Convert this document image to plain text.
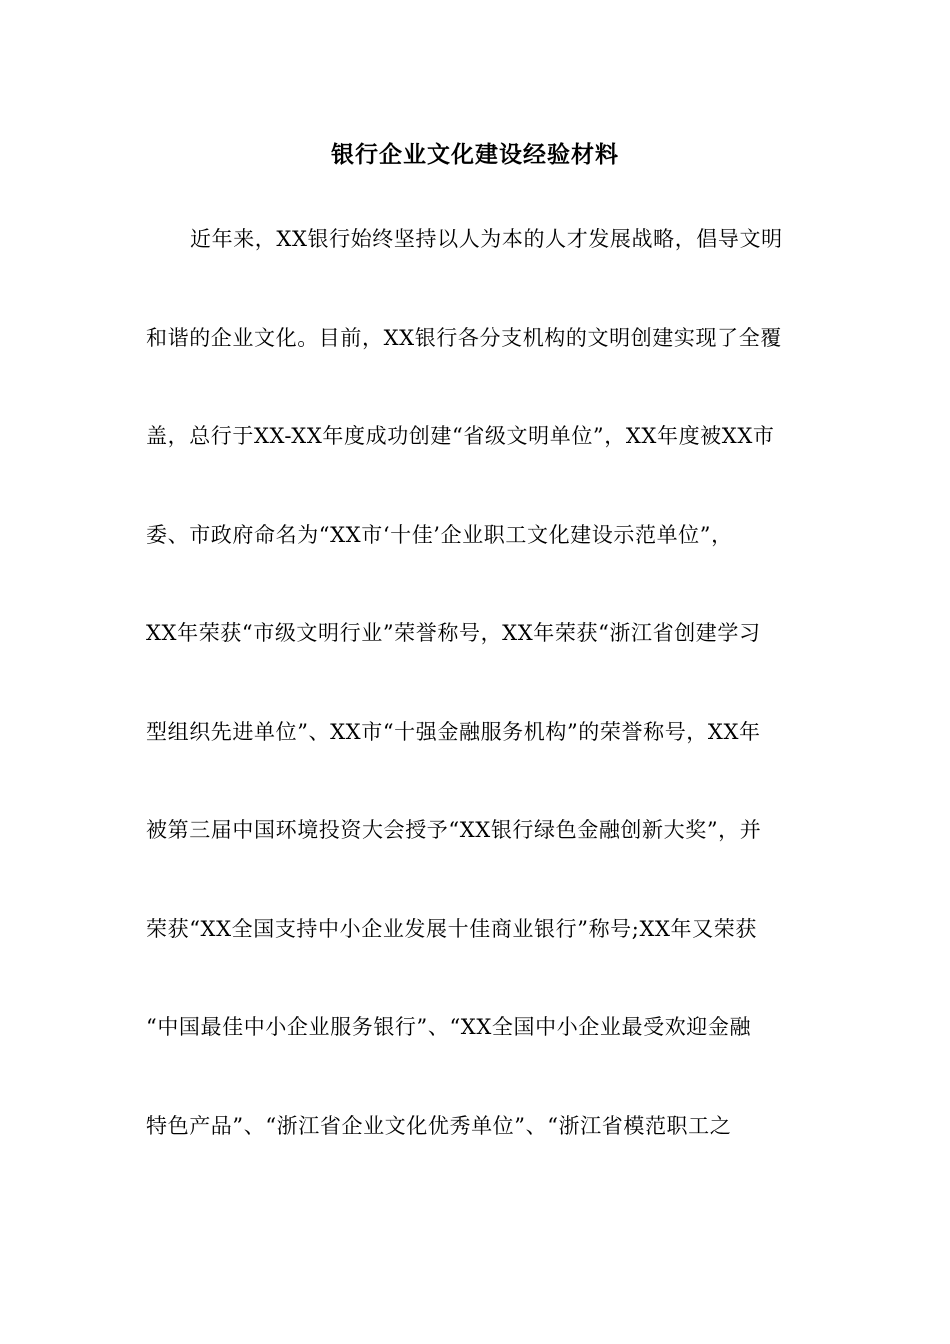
银行企业文化建设经验材料
近年来，XX银行始终坚持以人为本的人才发展战略，倡导文明
和谐的企业文化。目前，XX银行各分支机构的文明创建实现了全覆
盖，总行于XX-XX年度成功创建“省级文明单位”，XX年度被XX市
委、市政府命名为“XX市‘十佳’企业职工文化建设示范单位”，
XX年荣获“市级文明行业”荣誉称号，XX年荣获“浙江省创建学习
型组织先进单位”、XX市“十强金融服务机构”的荣誉称号，XX年
被第三届中国环境投资大会授予“XX银行绿色金融创新大奖”，并
荣获“XX全国支持中小企业发展十佳商业银行”称号;XX年又荣获
“中国最佳中小企业服务银行”、“XX全国中小企业最受欢迎金融
特色产品”、“浙江省企业文化优秀单位”、“浙江省模范职工之
